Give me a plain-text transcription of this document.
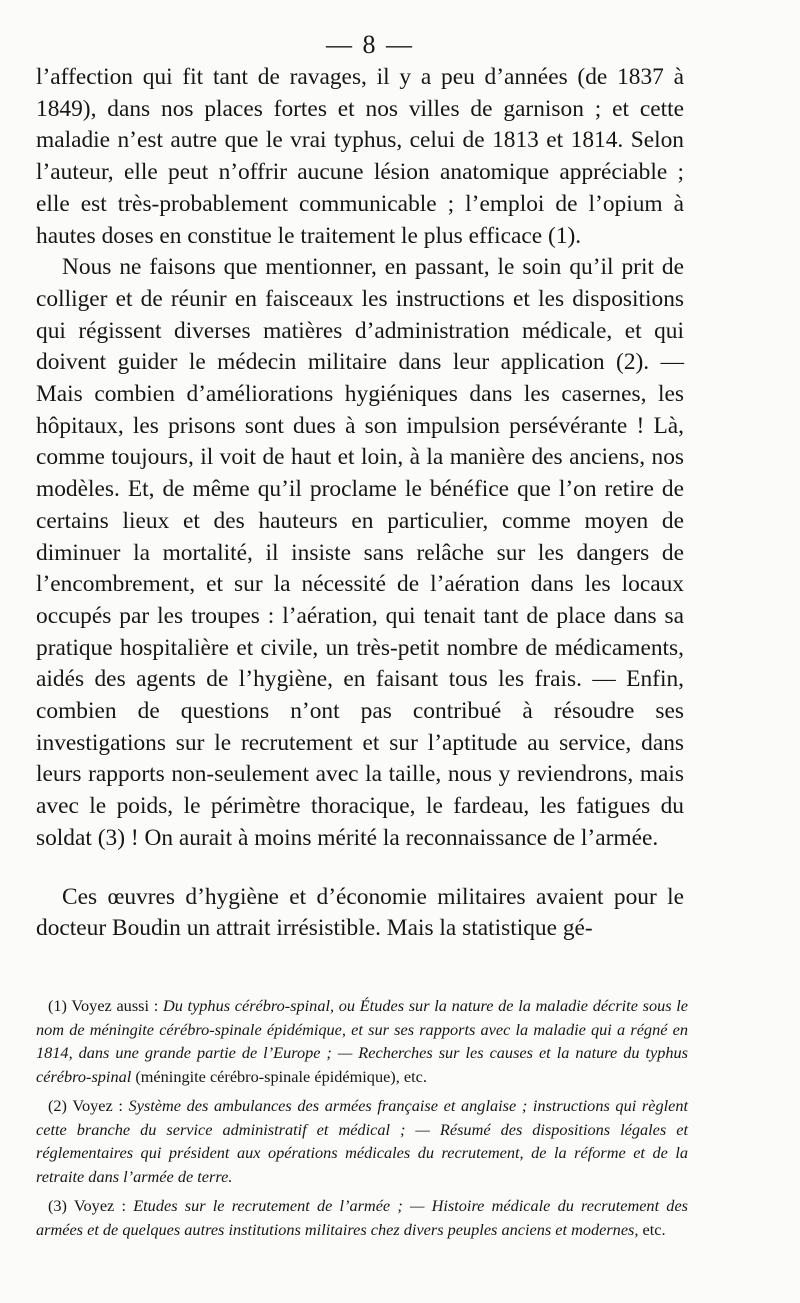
— 8 —

l’affection qui fit tant de ravages, il y a peu d’années (de 1837 à 1849), dans nos places fortes et nos villes de garnison ; et cette maladie n’est autre que le vrai typhus, celui de 1813 et 1814. Selon l’auteur, elle peut n’offrir aucune lésion anatomique appréciable ; elle est très-probablement communicable ; l’emploi de l’opium à hautes doses en constitue le traitement le plus efficace (1).

Nous ne faisons que mentionner, en passant, le soin qu’il prit de colliger et de réunir en faisceaux les instructions et les dispositions qui régissent diverses matières d’administration médicale, et qui doivent guider le médecin militaire dans leur application (2). — Mais combien d’améliorations hygiéniques dans les casernes, les hôpitaux, les prisons sont dues à son impulsion persévérante ! Là, comme toujours, il voit de haut et loin, à la manière des anciens, nos modèles. Et, de même qu’il proclame le bénéfice que l’on retire de certains lieux et des hauteurs en particulier, comme moyen de diminuer la mortalité, il insiste sans relâche sur les dangers de l’encombrement, et sur la nécessité de l’aération dans les locaux occupés par les troupes : l’aération, qui tenait tant de place dans sa pratique hospitalière et civile, un très-petit nombre de médicaments, aidés des agents de l’hygiène, en faisant tous les frais. — Enfin, combien de questions n’ont pas contribué à résoudre ses investigations sur le recrutement et sur l’aptitude au service, dans leurs rapports non-seulement avec la taille, nous y reviendrons, mais avec le poids, le périmètre thoracique, le fardeau, les fatigues du soldat (3) ! On aurait à moins mérité la reconnaissance de l’armée.

Ces œuvres d’hygiène et d’économie militaires avaient pour le docteur Boudin un attrait irrésistible. Mais la statistique gé-

(1) Voyez aussi : Du typhus cérébro-spinal, ou Études sur la nature de la maladie décrite sous le nom de méningite cérébro-spinale épidémique, et sur ses rapports avec la maladie qui a régné en 1814, dans une grande partie de l’Europe ; — Recherches sur les causes et la nature du typhus cérébro-spinal (méningite cérébro-spinale épidémique), etc.

(2) Voyez : Système des ambulances des armées française et anglaise ; instructions qui règlent cette branche du service administratif et médical ; — Résumé des dispositions légales et réglementaires qui président aux opérations médicales du recrutement, de la réforme et de la retraite dans l’armée de terre.

(3) Voyez : Etudes sur le recrutement de l’armée ; — Histoire médicale du recrutement des armées et de quelques autres institutions militaires chez divers peuples anciens et modernes, etc.
